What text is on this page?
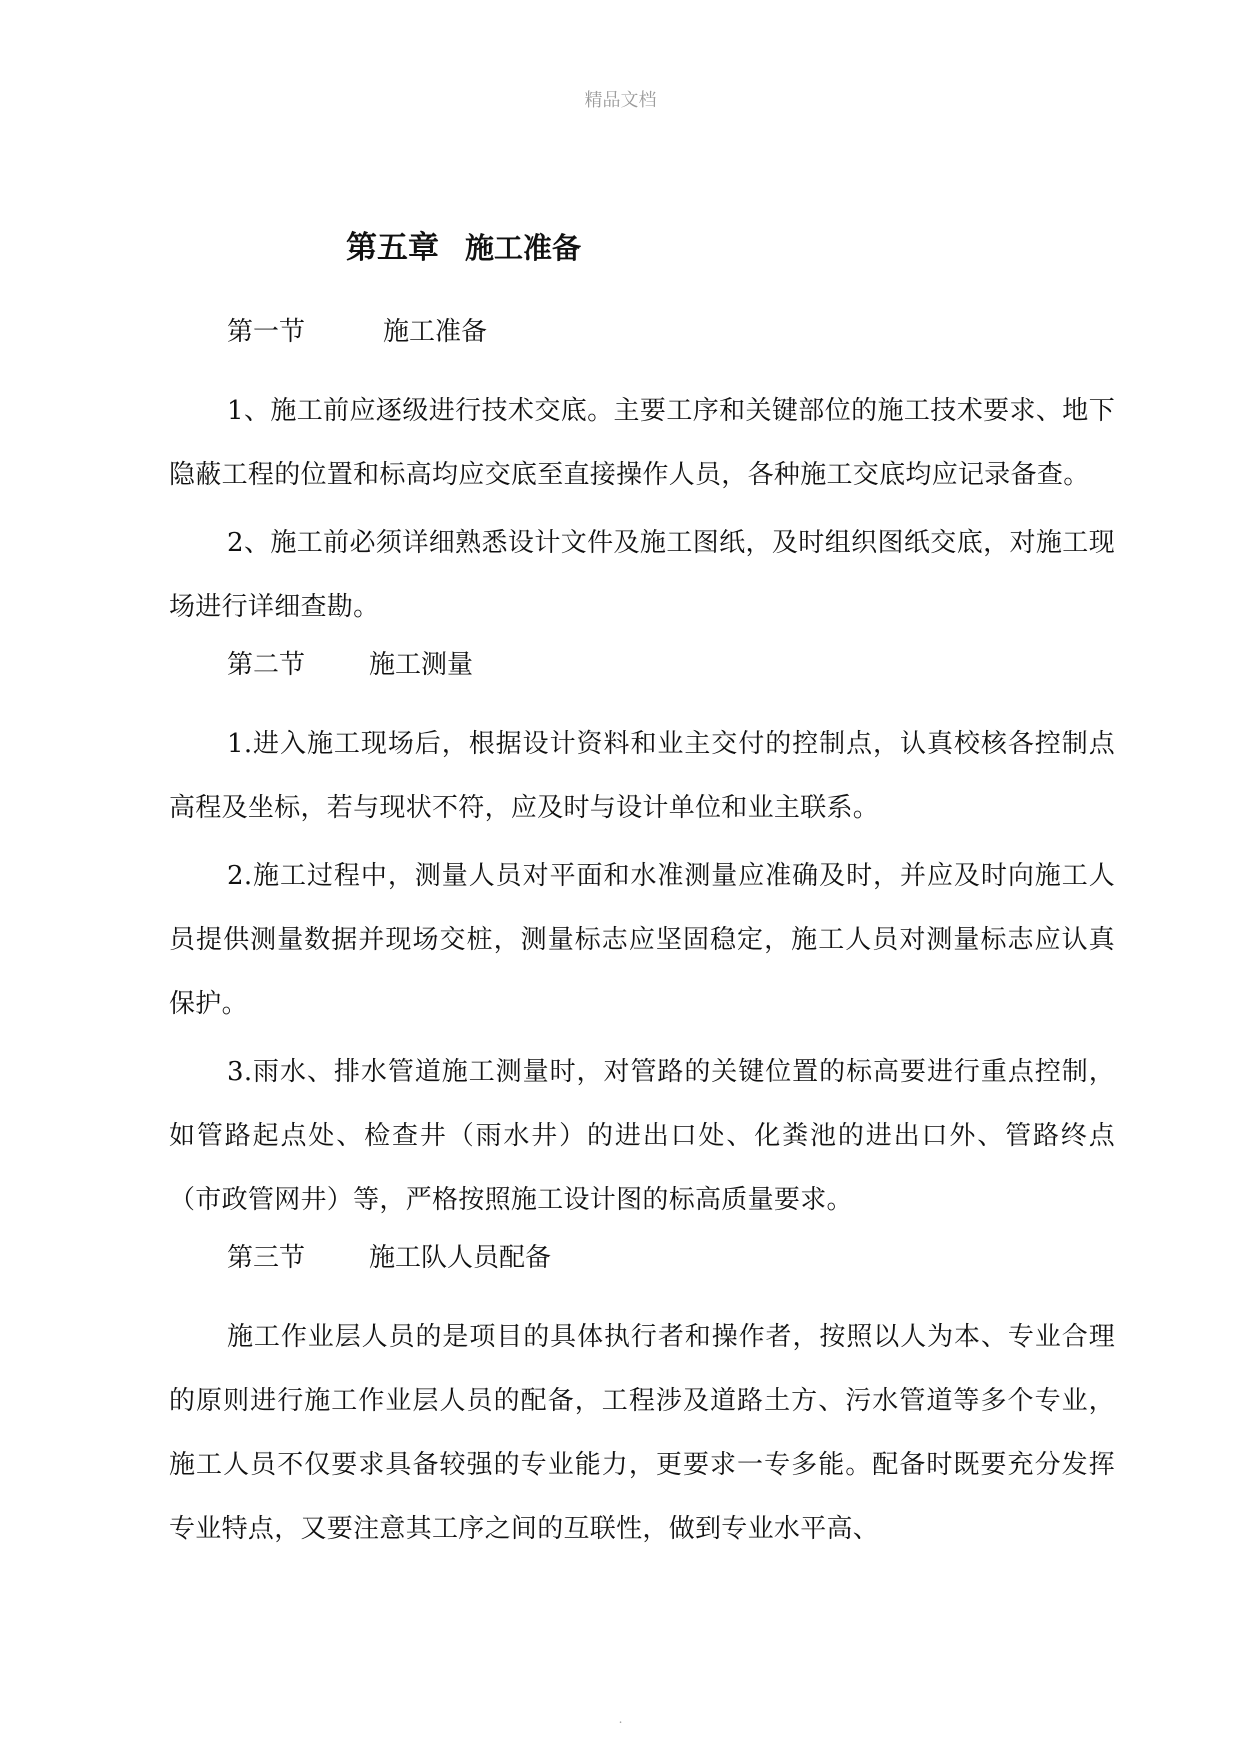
精品文档
第五章 施工准备
第一节	施工准备

1、施工前应逐级进行技术交底。主要工序和关键部位的施工技术要求、地下隐蔽工程的位置和标高均应交底至直接操作人员，各种施工交底均应记录备查。

2、施工前必须详细熟悉设计文件及施工图纸，及时组织图纸交底，对施工现场进行详细查勘。

第二节 施工测量

1.进入施工现场后，根据设计资料和业主交付的控制点，认真校核各控制点高程及坐标，若与现状不符，应及时与设计单位和业主联系。

2.施工过程中，测量人员对平面和水准测量应准确及时，并应及时向施工人员提供测量数据并现场交桩，测量标志应坚固稳定，施工人员对测量标志应认真保护。

3.雨水、排水管道施工测量时，对管路的关键位置的标高要进行重点控制，如管路起点处、检查井（雨水井）的进出口处、化粪池的进出口外、管路终点（市政管网井）等，严格按照施工设计图的标高质量要求。

第三节 施工队人员配备

施工作业层人员的是项目的具体执行者和操作者，按照以人为本、专业合理的原则进行施工作业层人员的配备，工程涉及道路土方、污水管道等多个专业，施工人员不仅要求具备较强的专业能力，更要求一专多能。配备时既要充分发挥专业特点，又要注意其工序之间的互联性，做到专业水平高、

.
